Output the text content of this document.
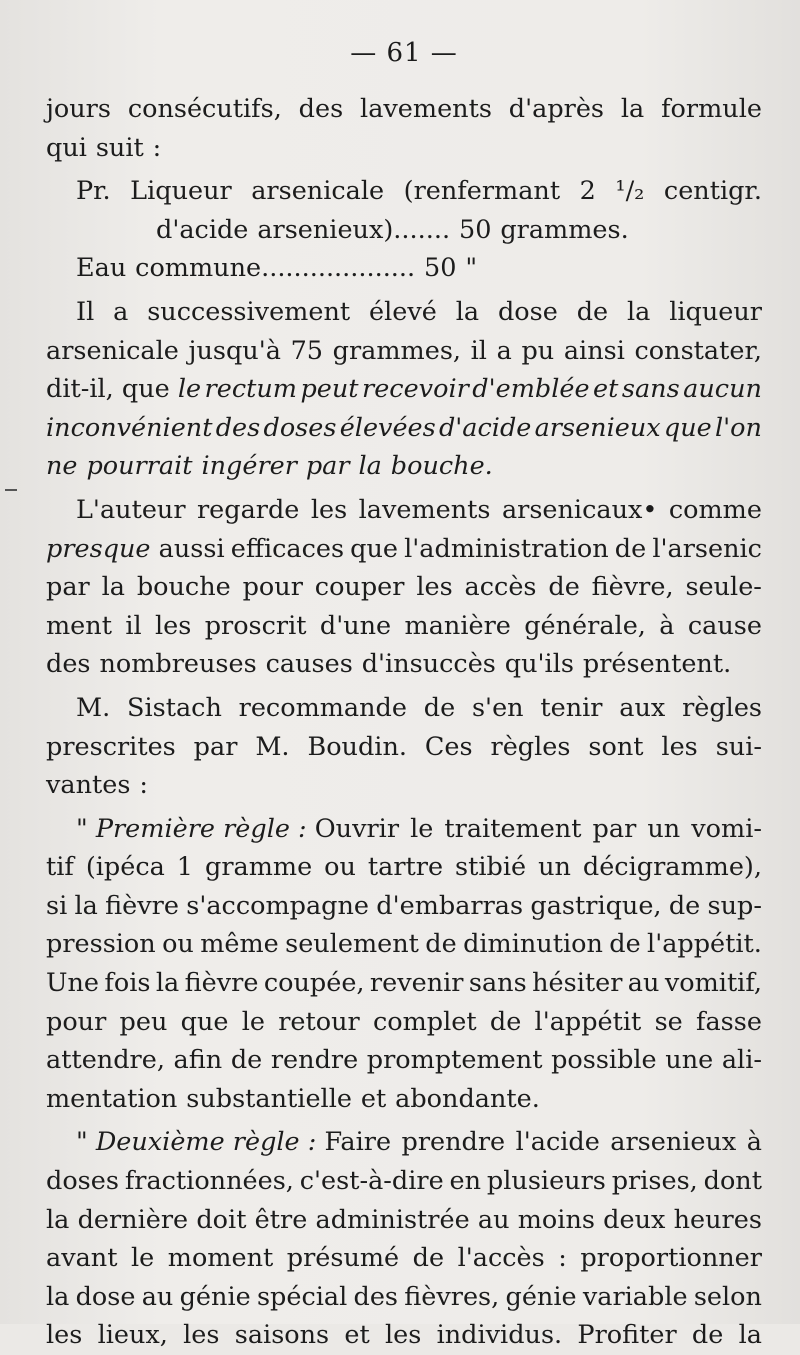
— 61 —
jours consécutifs, des lavements d'après la formule
qui suit :
Pr. Liqueur arsenicale (renfermant 2 ¹/₂ centigr.
d'acide arsenieux)....... 50 grammes.
Eau commune................... 50 "
Il a successivement élevé la dose de la liqueur
arsenicale jusqu'à 75 grammes, il a pu ainsi constater,
dit-il, que
le rectum peut recevoir d'emblée et sans aucun
inconvénient des doses élevées d'acide arsenieux que l'on
ne pourrait ingérer par la bouche.
L'auteur regarde les lavements arsenicaux• comme
presque
aussi efficaces que l'administration de l'arsenic
par la bouche pour couper les accès de fièvre, seule-
ment il les proscrit d'une manière générale, à cause
des nombreuses causes d'insuccès qu'ils présentent.
M. Sistach recommande de s'en tenir aux règles
prescrites par M. Boudin. Ces règles sont les sui-
vantes :
" Première règle :
Ouvrir le traitement par un vomi-
tif (ipéca 1 gramme ou tartre stibié un décigramme),
si la fièvre s'accompagne d'embarras gastrique, de sup-
pression ou même seulement de diminution de l'appétit.
Une fois la fièvre coupée, revenir sans hésiter au vomitif,
pour peu que le retour complet de l'appétit se fasse
attendre, afin de rendre promptement possible une ali-
mentation substantielle et abondante.
" Deuxième règle :
Faire prendre l'acide arsenieux à
doses fractionnées, c'est-à-dire en plusieurs prises, dont
la dernière doit être administrée au moins deux heures
avant le moment présumé de l'accès : proportionner
la dose au génie spécial des fièvres, génie variable selon
les lieux, les saisons et les individus. Profiter de la
